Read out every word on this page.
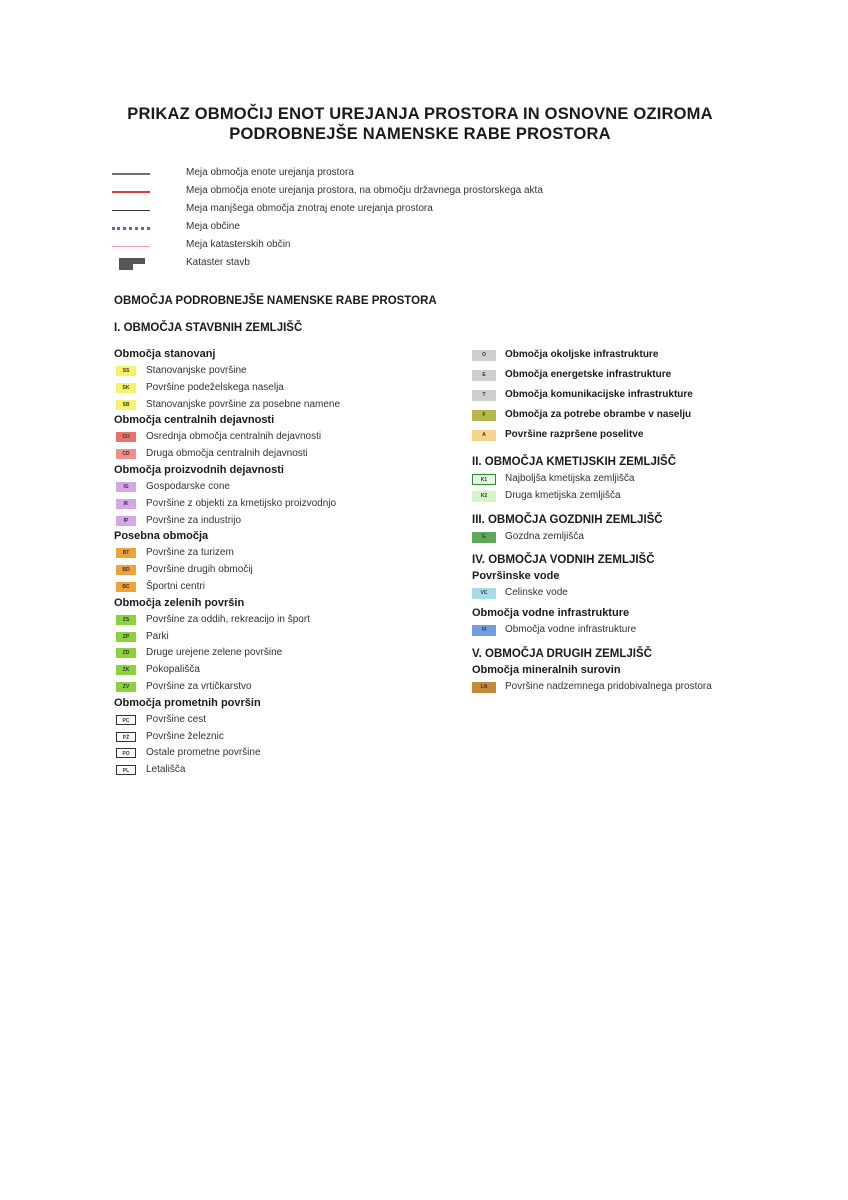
PRIKAZ OBMOČIJ ENOT UREJANJA PROSTORA IN OSNOVNE OZIROMA
PODROBNEJŠE NAMENSKE RABE PROSTORA
Meja območja enote urejanja prostora
Meja območja enote urejanja prostora, na območju državnega prostorskega akta
Meja manjšega območja znotraj enote urejanja prostora
Meja občine
Meja katasterskih občin
Kataster stavb
OBMOČJA PODROBNEJŠE NAMENSKE RABE PROSTORA
I. OBMOČJA STAVBNIH ZEMLJIŠČ
Območja stanovanj
SS	Stanovanjske površine
SK	Površine podeželskega naselja
SB	Stanovanjske površine za posebne namene
Območja centralnih dejavnosti
CU	Osrednja območja centralnih dejavnosti
CD	Druga območja centralnih dejavnosti
Območja proizvodnih dejavnosti
IG	Gospodarske cone
IK	Površine z objekti za kmetijsko proizvodnjo
IP	Površine za industrijo
Posebna območja
BT	Površine za turizem
BD	Površine drugih območij
BC	Športni centri
Območja zelenih površin
ZS	Površine za oddih, rekreacijo in šport
ZP	Parki
ZD	Druge urejene zelene površine
ZK	Pokopališča
ZV	Površine za vrtičkarstvo
Območja prometnih površin
PC	Površine cest
PŽ	Površine železnic
PO	Ostale prometne površine
PL	Letališča
O	Območja okoljske infrastrukture
E	Območja energetske infrastrukture
T	Območja komunikacijske infrastrukture
F	Območja za potrebe obrambe v naselju
A	Površine razpršene poselitve
II. OBMOČJA KMETIJSKIH ZEMLJIŠČ
K1	Najboljša kmetijska zemljišča
K2	Druga kmetijska zemljišča
III. OBMOČJA GOZDNIH ZEMLJIŠČ
G	Gozdna zemljišča
IV. OBMOČJA VODNIH ZEMLJIŠČ
Površinske vode
VC	Celinske vode
Območja vodne infrastrukture
VI	Območja vodne infrastrukture
V. OBMOČJA DRUGIH ZEMLJIŠČ
Območja mineralnih surovin
LN	Površine nadzemnega pridobivalnega prostora
